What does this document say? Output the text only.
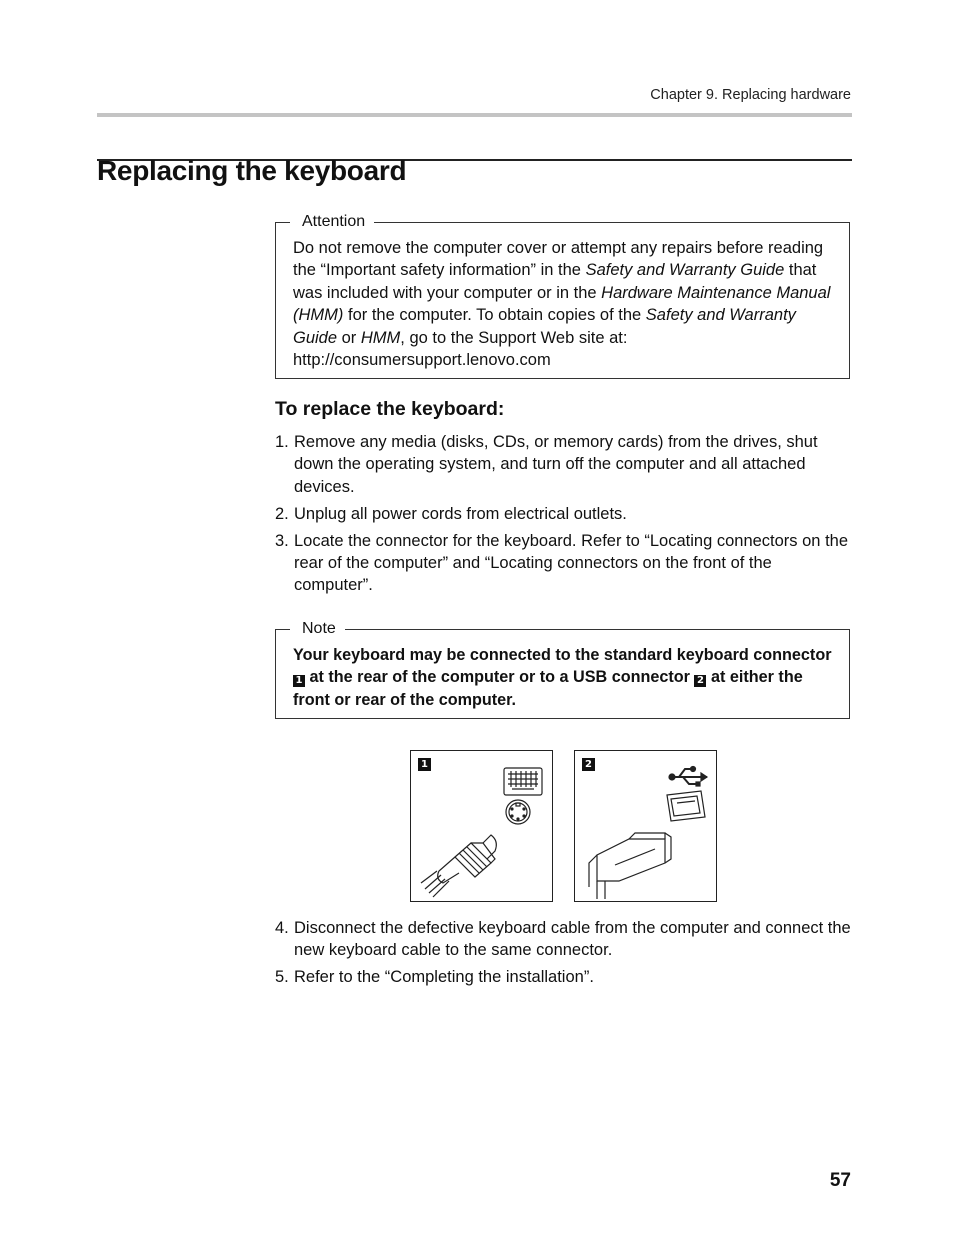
Chapter 9. Replacing hardware
Replacing the keyboard
Attention
Do not remove the computer cover or attempt any repairs before reading the “Important safety information” in the Safety and Warranty Guide that was included with your computer or in the Hardware Maintenance Manual (HMM) for the computer. To obtain copies of the Safety and Warranty Guide or HMM, go to the Support Web site at: http://consumersupport.lenovo.com
To replace the keyboard:
1. Remove any media (disks, CDs, or memory cards) from the drives, shut down the operating system, and turn off the computer and all attached devices.
2. Unplug all power cords from electrical outlets.
3. Locate the connector for the keyboard. Refer to “Locating connectors on the rear of the computer” and “Locating connectors on the front of the computer”.
Note
Your keyboard may be connected to the standard keyboard connector 1 at the rear of the computer or to a USB connector 2 at either the front or rear of the computer.
1	2
4. Disconnect the defective keyboard cable from the computer and connect the new keyboard cable to the same connector.
5. Refer to the “Completing the installation”.
57
